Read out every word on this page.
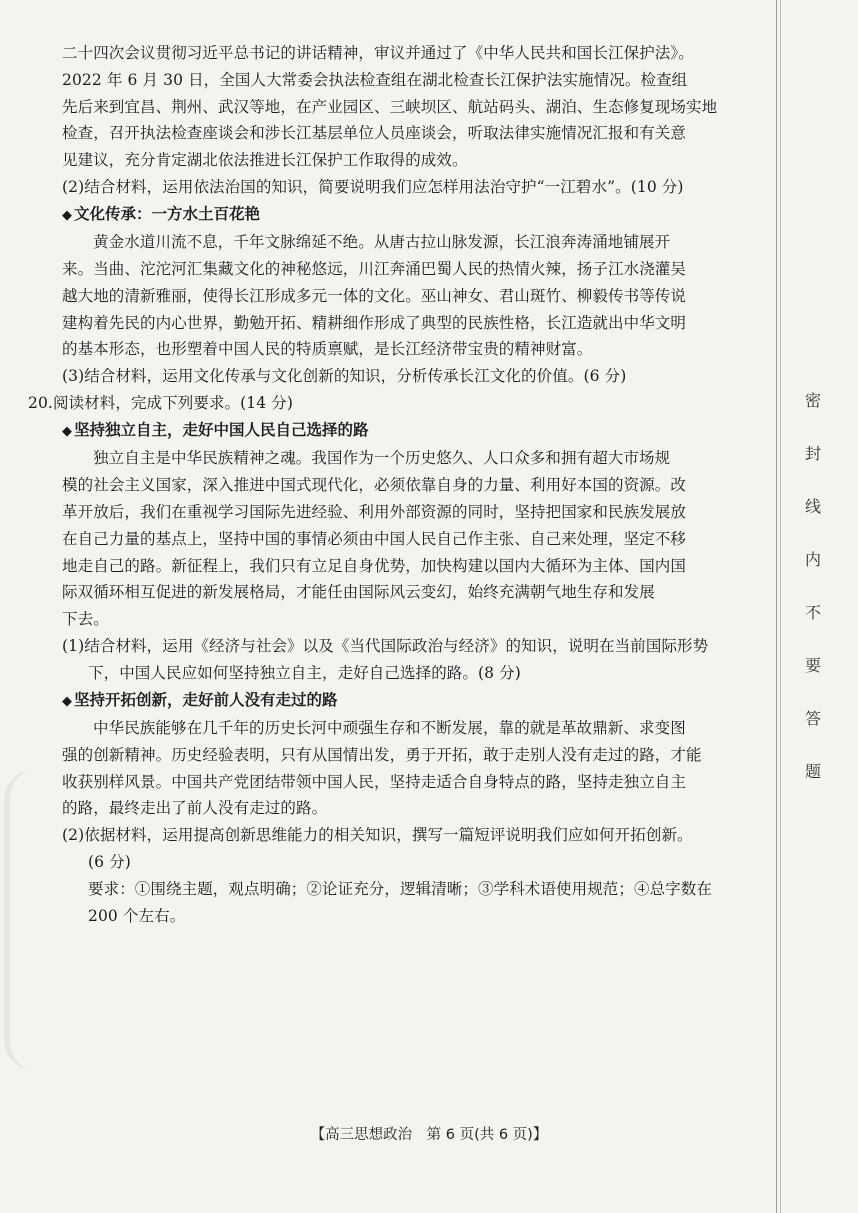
二十四次会议贯彻习近平总书记的讲话精神，审议并通过了《中华人民共和国长江保护法》。

2022 年 6 月 30 日，全国人大常委会执法检查组在湖北检查长江保护法实施情况。检查组

先后来到宜昌、荆州、武汉等地，在产业园区、三峡坝区、航站码头、湖泊、生态修复现场实地

检查，召开执法检查座谈会和涉长江基层单位人员座谈会，听取法律实施情况汇报和有关意

见建议，充分肯定湖北依法推进长江保护工作取得的成效。

(2)结合材料，运用依法治国的知识，简要说明我们应怎样用法治守护“一江碧水”。(10 分)

◆ 文化传承：一方水土百花艳

黄金水道川流不息，千年文脉绵延不绝。从唐古拉山脉发源，长江浪奔涛涌地铺展开

来。当曲、沱沱河汇集藏文化的神秘悠远，川江奔涌巴蜀人民的热情火辣，扬子江水浇灌吴

越大地的清新雅丽，使得长江形成多元一体的文化。巫山神女、君山斑竹、柳毅传书等传说

建构着先民的内心世界，勤勉开拓、精耕细作形成了典型的民族性格，长江造就出中华文明

的基本形态，也形塑着中国人民的特质禀赋，是长江经济带宝贵的精神财富。

(3)结合材料，运用文化传承与文化创新的知识，分析传承长江文化的价值。(6 分)

20.阅读材料，完成下列要求。(14 分)

◆ 坚持独立自主，走好中国人民自己选择的路

独立自主是中华民族精神之魂。我国作为一个历史悠久、人口众多和拥有超大市场规

模的社会主义国家，深入推进中国式现代化，必须依靠自身的力量、利用好本国的资源。改

革开放后，我们在重视学习国际先进经验、利用外部资源的同时，坚持把国家和民族发展放

在自己力量的基点上，坚持中国的事情必须由中国人民自己作主张、自己来处理，坚定不移

地走自己的路。新征程上，我们只有立足自身优势，加快构建以国内大循环为主体、国内国

际双循环相互促进的新发展格局，才能任由国际风云变幻，始终充满朝气地生存和发展

下去。

(1)结合材料，运用《经济与社会》以及《当代国际政治与经济》的知识，说明在当前国际形势

下，中国人民应如何坚持独立自主，走好自己选择的路。(8 分)

◆ 坚持开拓创新，走好前人没有走过的路

中华民族能够在几千年的历史长河中顽强生存和不断发展，靠的就是革故鼎新、求变图

强的创新精神。历史经验表明，只有从国情出发，勇于开拓，敢于走别人没有走过的路，才能

收获别样风景。中国共产党团结带领中国人民，坚持走适合自身特点的路，坚持走独立自主

的路，最终走出了前人没有走过的路。

(2)依据材料，运用提高创新思维能力的相关知识，撰写一篇短评说明我们应如何开拓创新。

(6 分)

要求：①围绕主题，观点明确；②论证充分，逻辑清晰；③学科术语使用规范；④总字数在

200 个左右。

【高三思想政治　第 6 页(共 6 页)】
密
封
线
内
不
要
答
题
